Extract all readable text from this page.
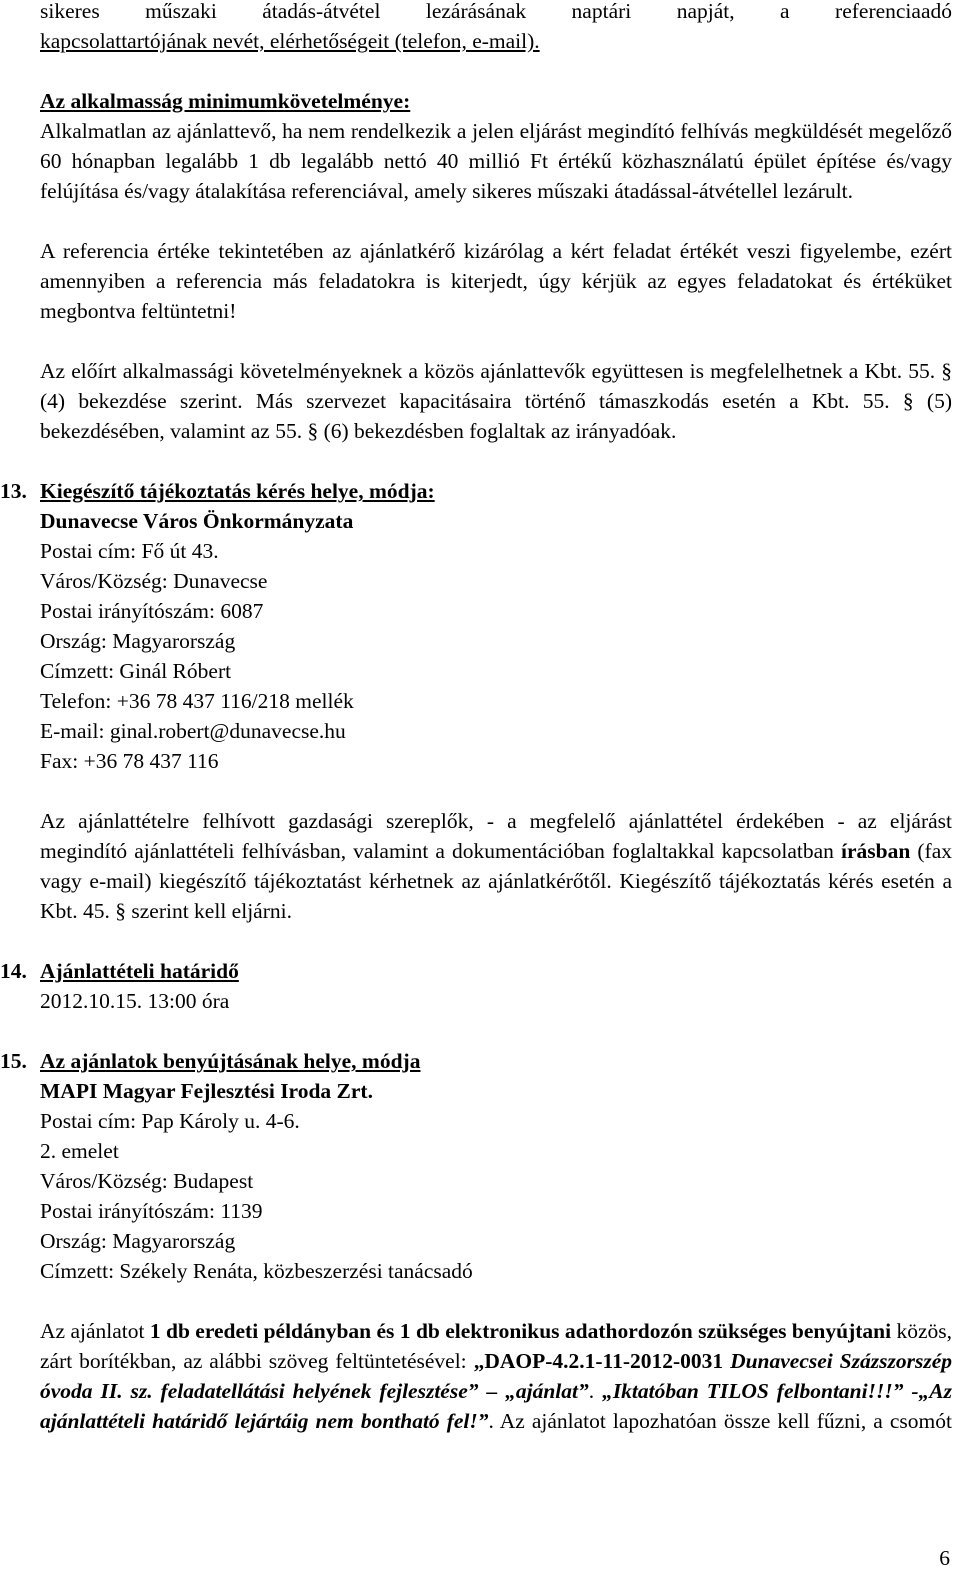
sikeres műszaki átadás-átvétel lezárásának naptári napját, a referenciaadó

kapcsolattartójának nevét, elérhetőségeit (telefon, e-mail).

Az alkalmasság minimumkövetelménye:

Alkalmatlan az ajánlattevő, ha nem rendelkezik a jelen eljárást megindító felhívás megküldését megelőző 60 hónapban legalább 1 db legalább nettó 40 millió Ft értékű közhasználatú épület építése és/vagy felújítása és/vagy átalakítása referenciával, amely sikeres műszaki átadással-átvétellel lezárult.

A referencia értéke tekintetében az ajánlatkérő kizárólag a kért feladat értékét veszi figyelembe, ezért amennyiben a referencia más feladatokra is kiterjedt, úgy kérjük az egyes feladatokat és értéküket megbontva feltüntetni!

Az előírt alkalmassági követelményeknek a közös ajánlattevők együttesen is megfelelhetnek a Kbt. 55. § (4) bekezdése szerint. Más szervezet kapacitásaira történő támaszkodás esetén a Kbt. 55. § (5) bekezdésében, valamint az 55. § (6) bekezdésben foglaltak az irányadóak.

13. Kiegészítő tájékoztatás kérés helye, módja:
Dunavecse Város Önkormányzata
Postai cím: Fő út 43.
Város/Község: Dunavecse
Postai irányítószám: 6087
Ország: Magyarország
Címzett: Ginál Róbert
Telefon: +36 78 437 116/218 mellék
E-mail: ginal.robert@dunavecse.hu
Fax: +36 78 437 116

Az ajánlattételre felhívott gazdasági szereplők, - a megfelelő ajánlattétel érdekében - az eljárást megindító ajánlattételi felhívásban, valamint a dokumentációban foglaltakkal kapcsolatban írásban (fax vagy e-mail) kiegészítő tájékoztatást kérhetnek az ajánlatkérőtől. Kiegészítő tájékoztatás kérés esetén a Kbt. 45. § szerint kell eljárni.

14. Ajánlattételi határidő
2012.10.15. 13:00 óra
15. Az ajánlatok benyújtásának helye, módja
MAPI Magyar Fejlesztési Iroda Zrt.
Postai cím: Pap Károly u. 4-6.
2. emelet
Város/Község: Budapest
Postai irányítószám: 1139
Ország: Magyarország
Címzett: Székely Renáta, közbeszerzési tanácsadó

Az ajánlatot 1 db eredeti példányban és 1 db elektronikus adathordozón szükséges benyújtani közös, zárt borítékban, az alábbi szöveg feltüntetésével: „DAOP-4.2.1-11-2012-0031 Dunavecsei Százszorszép óvoda II. sz. feladatellátási helyének fejlesztése” – „ajánlat”. „Iktatóban TILOS felbontani!!!” -„Az ajánlattételi határidő lejártáig nem bontható fel!”. Az ajánlatot lapozhatóan össze kell fűzni, a csomót

6
